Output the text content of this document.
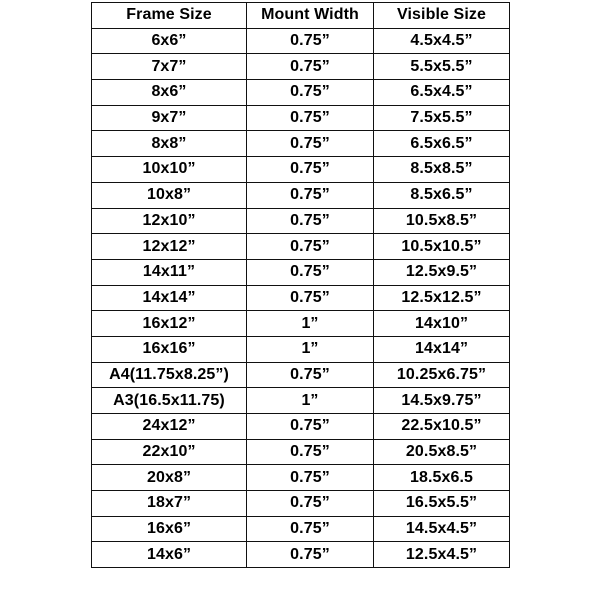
Frame Size	Mount Width	Visible Size
6x6”	0.75”	4.5x4.5”
7x7”	0.75”	5.5x5.5”
8x6”	0.75”	6.5x4.5”
9x7”	0.75”	7.5x5.5”
8x8”	0.75”	6.5x6.5”
10x10”	0.75”	8.5x8.5”
10x8”	0.75”	8.5x6.5”
12x10”	0.75”	10.5x8.5”
12x12”	0.75”	10.5x10.5”
14x11”	0.75”	12.5x9.5”
14x14”	0.75”	12.5x12.5”
16x12”	1”	14x10”
16x16”	1”	14x14”
A4(11.75x8.25”)	0.75”	10.25x6.75”
A3(16.5x11.75)	1”	14.5x9.75”
24x12”	0.75”	22.5x10.5”
22x10”	0.75”	20.5x8.5”
20x8”	0.75”	18.5x6.5
18x7”	0.75”	16.5x5.5”
16x6”	0.75”	14.5x4.5”
14x6”	0.75”	12.5x4.5”
